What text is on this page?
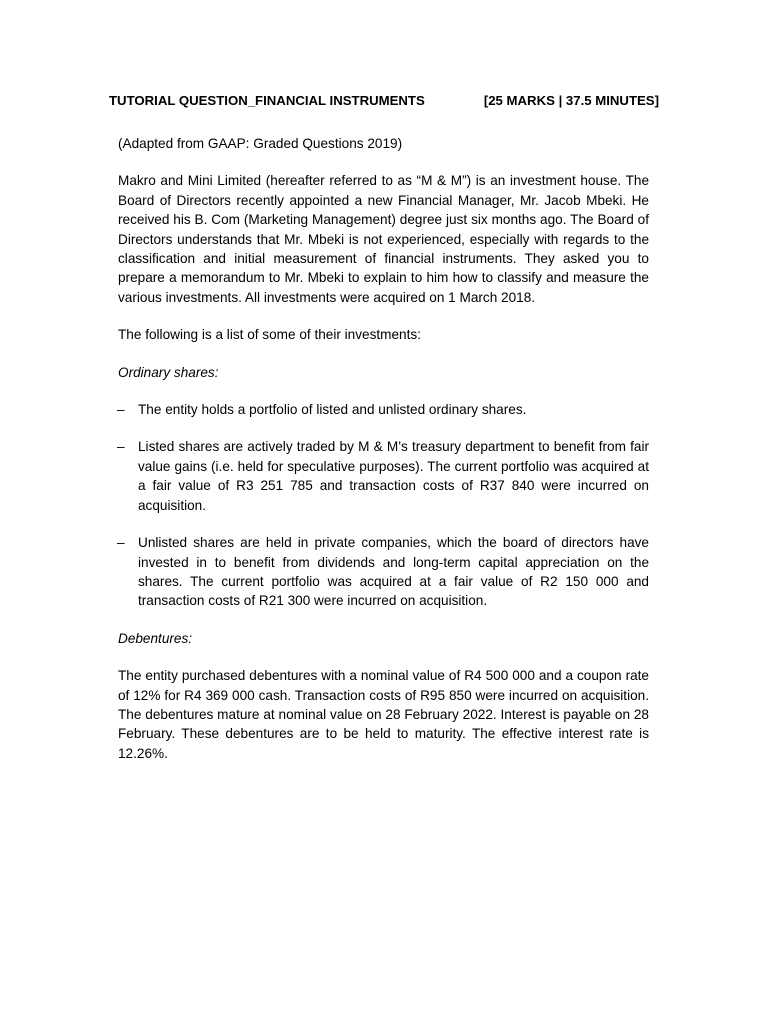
TUTORIAL QUESTION_FINANCIAL INSTRUMENTS	[25 MARKS | 37.5 MINUTES]

(Adapted from GAAP: Graded Questions 2019)

Makro and Mini Limited (hereafter referred to as “M & M”) is an investment house. The Board of Directors recently appointed a new Financial Manager, Mr. Jacob Mbeki. He received his B. Com (Marketing Management) degree just six months ago. The Board of Directors understands that Mr. Mbeki is not experienced, especially with regards to the classification and initial measurement of financial instruments. They asked you to prepare a memorandum to Mr. Mbeki to explain to him how to classify and measure the various investments. All investments were acquired on 1 March 2018.

The following is a list of some of their investments:

Ordinary shares:

– The entity holds a portfolio of listed and unlisted ordinary shares.
– Listed shares are actively traded by M & M’s treasury department to benefit from fair value gains (i.e. held for speculative purposes). The current portfolio was acquired at a fair value of R3 251 785 and transaction costs of R37 840 were incurred on acquisition.
– Unlisted shares are held in private companies, which the board of directors have invested in to benefit from dividends and long-term capital appreciation on the shares. The current portfolio was acquired at a fair value of R2 150 000 and transaction costs of R21 300 were incurred on acquisition.

Debentures:

The entity purchased debentures with a nominal value of R4 500 000 and a coupon rate of 12% for R4 369 000 cash. Transaction costs of R95 850 were incurred on acquisition. The debentures mature at nominal value on 28 February 2022. Interest is payable on 28 February. These debentures are to be held to maturity. The effective interest rate is 12.26%.
